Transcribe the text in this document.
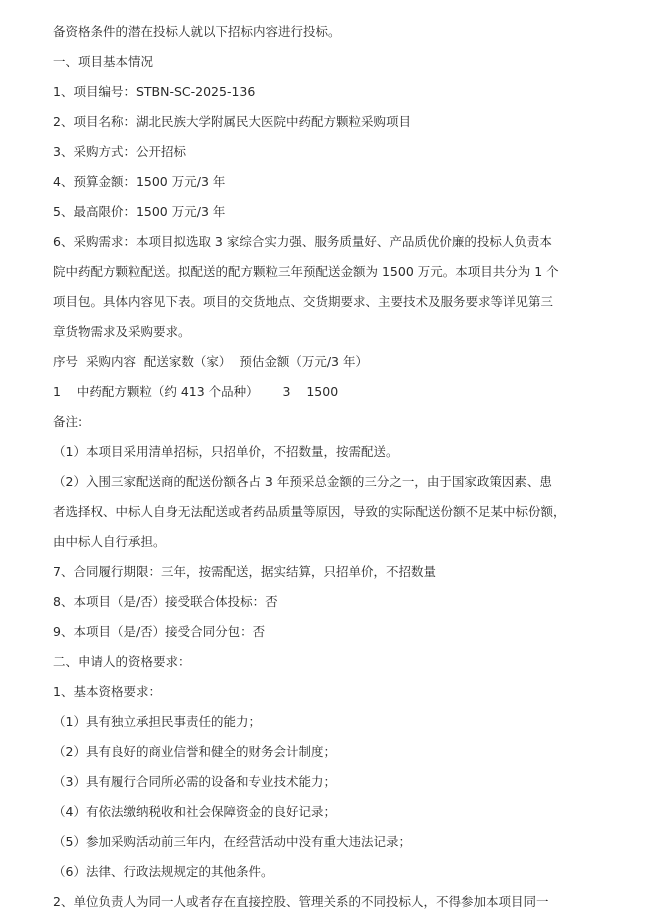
备资格条件的潜在投标人就以下招标内容进行投标。
一、项目基本情况
1、项目编号：STBN-SC-2025-136
2、项目名称：湖北民族大学附属民大医院中药配方颗粒采购项目
3、采购方式：公开招标
4、预算金额：1500 万元/3 年
5、最高限价：1500 万元/3 年
6、采购需求：本项目拟选取 3 家综合实力强、服务质量好、产品质优价廉的投标人负责本
院中药配方颗粒配送。拟配送的配方颗粒三年预配送金额为 1500 万元。本项目共分为 1 个
项目包。具体内容见下表。项目的交货地点、交货期要求、主要技术及服务要求等详见第三
章货物需求及采购要求。
序号  采购内容  配送家数（家）  预估金额（万元/3 年）
1    中药配方颗粒（约 413 个品种）      3    1500
备注:
（1）本项目采用清单招标，只招单价，不招数量，按需配送。
（2）入围三家配送商的配送份额各占 3 年预采总金额的三分之一，由于国家政策因素、患
者选择权、中标人自身无法配送或者药品质量等原因，导致的实际配送份额不足某中标份额，
由中标人自行承担。
7、合同履行期限：三年，按需配送，据实结算，只招单价，不招数量
8、本项目（是/否）接受联合体投标：否
9、本项目（是/否）接受合同分包：否
二、申请人的资格要求：
1、基本资格要求：
（1）具有独立承担民事责任的能力；
（2）具有良好的商业信誉和健全的财务会计制度；
（3）具有履行合同所必需的设备和专业技术能力；
（4）有依法缴纳税收和社会保障资金的良好记录；
（5）参加采购活动前三年内，在经营活动中没有重大违法记录；
（6）法律、行政法规规定的其他条件。
2、单位负责人为同一人或者存在直接控股、管理关系的不同投标人，不得参加本项目同一
